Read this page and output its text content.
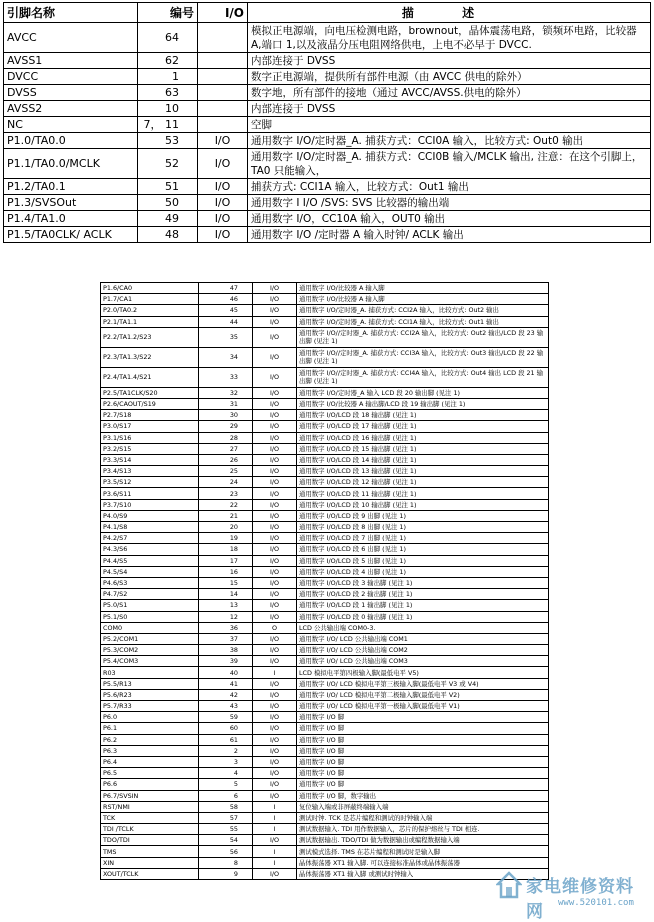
引脚名称	编号	I/O	描 述
AVCC	64		模拟正电源端，向电压检测电路，brownout，晶体震荡电路，锁频环电路，比较器 A,端口 1,以及液晶分压电阻网络供电，上电不必早于 DVCC.
AVSS1	62		内部连接于 DVSS
DVCC	1		数字正电源端，提供所有部件电源（由 AVCC 供电的除外）
DVSS	63		数字地，所有部件的接地（通过 AVCC/AVSS.供电的除外）
AVSS2	10		内部连接于 DVSS
NC	7， 11		空脚
P1.0/TA0.0	53	I/O	通用数字 I/O/定时器_A. 捕获方式：CCI0A 输入，比较方式: Out0 输出
P1.1/TA0.0/MCLK	52	I/O	通用数字 I/O/定时器_A. 捕获方式：CCI0B 输入/MCLK 输出, 注意：在这个引脚上，TA0 只能输入，
P1.2/TA0.1	51	I/O	捕获方式: CCI1A 输入，比较方式：Out1 输出
P1.3/SVSOut	50	I/O	通用数字 I I/O /SVS: SVS 比较器的输出端
P1.4/TA1.0	49	I/O	通用数字 I/O，CC10A 输入，OUT0 输出
P1.5/TA0CLK/ ACLK	48	I/O	通用数字 I/O /定时器 A 输入时钟/ ACLK 输出
P1.6/CA0	47	I/O	通用数字 I/O/比较器 A 输入脚
P1.7/CA1	46	I/O	通用数字 I/O/比较器 A 输入脚
P2.0/TA0.2	45	I/O	通用数字 I/O/定时器_A. 捕获方式: CCI2A 输入，比较方式: Out2 输出
P2.1/TA1.1	44	I/O	通用数字 I/O/定时器_A. 捕获方式: CCI1A 输入，比较方式: Out1 输出
P2.2/TA1.2/S23	35	I/O	通用数字 I/O//定时器_A. 捕获方式: CCI2A 输入，比较方式: Out2 输出/LCD 段 23 输出脚 (见注 1)
P2.3/TA1.3/S22	34	I/O	通用数字 I/O//定时器_A. 捕获方式: CCI3A 输入，比较方式: Out3 输出/LCD 段 22 输出脚 (见注 1)
P2.4/TA1.4/S21	33	I/O	通用数字 I/O//定时器_A. 捕获方式: CCI4A 输入，比较方式: Out4 输出 LCD 段 21 输出脚 (见注 1)
P2.5/TA1CLK/S20	32	I/O	通用数字 I/O/定时器_A 输入 LCD 段 20 输出脚 (见注 1)
P2.6/CAOUT/S19	31	I/O	通用数字 I/O/比较器 A 输出脚/LCD 段 19 输出脚 (见注 1)
P2.7/S18	30	I/O	通用数字 I/O/LCD 段 18 输出脚 (见注 1)
P3.0/S17	29	I/O	通用数字 I/O/LCD 段 17 输出脚 (见注 1)
P3.1/S16	28	I/O	通用数字 I/O/LCD 段 16 输出脚 (见注 1)
P3.2/S15	27	I/O	通用数字 I/O/LCD 段 15 输出脚 (见注 1)
P3.3/S14	26	I/O	通用数字 I/O/LCD 段 14 输出脚 (见注 1)
P3.4/S13	25	I/O	通用数字 I/O/LCD 段 13 输出脚 (见注 1)
P3.5/S12	24	I/O	通用数字 I/O/LCD 段 12 输出脚 (见注 1)
P3.6/S11	23	I/O	通用数字 I/O/LCD 段 11 输出脚 (见注 1)
P3.7/S10	22	I/O	通用数字 I/O/LCD 段 10 输出脚 (见注 1)
P4.0/S9	21	I/O	通用数字 I/O/LCD 段 9 出脚 (见注 1)
P4.1/S8	20	I/O	通用数字 I/O/LCD 段 8 出脚 (见注 1)
P4.2/S7	19	I/O	通用数字 I/O/LCD 段 7 出脚 (见注 1)
P4.3/S6	18	I/O	通用数字 I/O/LCD 段 6 出脚 (见注 1)
P4.4/S5	17	I/O	通用数字 I/O/LCD 段 5 出脚 (见注 1)
P4.5/S4	16	I/O	通用数字 I/O/LCD 段 4 出脚 (见注 1)
P4.6/S3	15	I/O	通用数字 I/O/LCD 段 3 输出脚 (见注 1)
P4.7/S2	14	I/O	通用数字 I/O/LCD 段 2 输出脚 (见注 1)
P5.0/S1	13	I/O	通用数字 I/O/LCD 段 1 输出脚 (见注 1)
P5.1/S0	12	I/O	通用数字 I/O/LCD 段 0 输出脚 (见注 1)
COM0	36	O	LCD 公共输出端 COM0-3.
P5.2/COM1	37	I/O	通用数字 I/O/ LCD 公共输出端 COM1
P5.3/COM2	38	I/O	通用数字 I/O/ LCD 公共输出端 COM2
P5.4/COM3	39	I/O	通用数字 I/O/ LCD 公共输出端 COM3
R03	40	I	LCD 模拟电平第四极输入脚(最低电平 V5)
P5.5/R13	41	I/O	通用数字 I/O/ LCD 模拟电平第三极输入脚(最低电平 V3 或 V4)
P5.6/R23	42	I/O	通用数字 I/O/ LCD 模拟电平第二极输入脚(最低电平 V2)
P5.7/R33	43	I/O	通用数字 I/O/ LCD 模拟电平第一极输入脚(最低电平 V1)
P6.0	59	I/O	通用数字 I/O 脚
P6.1	60	I/O	通用数字 I/O 脚
P6.2	61	I/O	通用数字 I/O 脚
P6.3	2	I/O	通用数字 I/O 脚
P6.4	3	I/O	通用数字 I/O 脚
P6.5	4	I/O	通用数字 I/O 脚
P6.6	5	I/O	通用数字 I/O 脚
P6.7/SVSIN	6	I/O	通用数字 I/O 脚，数字输出
RST/NMI	58	I	复位输入端或非屏蔽终端输入端
TCK	57	I	测试时钟. TCK 是芯片编程和测试的时钟输入端
TDI /TCLK	55	I	测试数据输入. TDI 用作数据输入，芯片的保护熔丝与 TDI 相连.
TDO/TDI	54	I/O	测试数据输出. TDO/TDI 做为数据输出或编程数据输入端
TMS	56	I	测试模式选择. TMS 在芯片编程和测试时是输入脚
XIN	8	I	晶体振荡器 XT1 输入脚. 可以连接标准晶体或晶体振荡器
XOUT/TCLK	9	I/O	晶体振荡器 XT1 输入脚 或测试时钟输入
家电维修资料网	www.520101.com
